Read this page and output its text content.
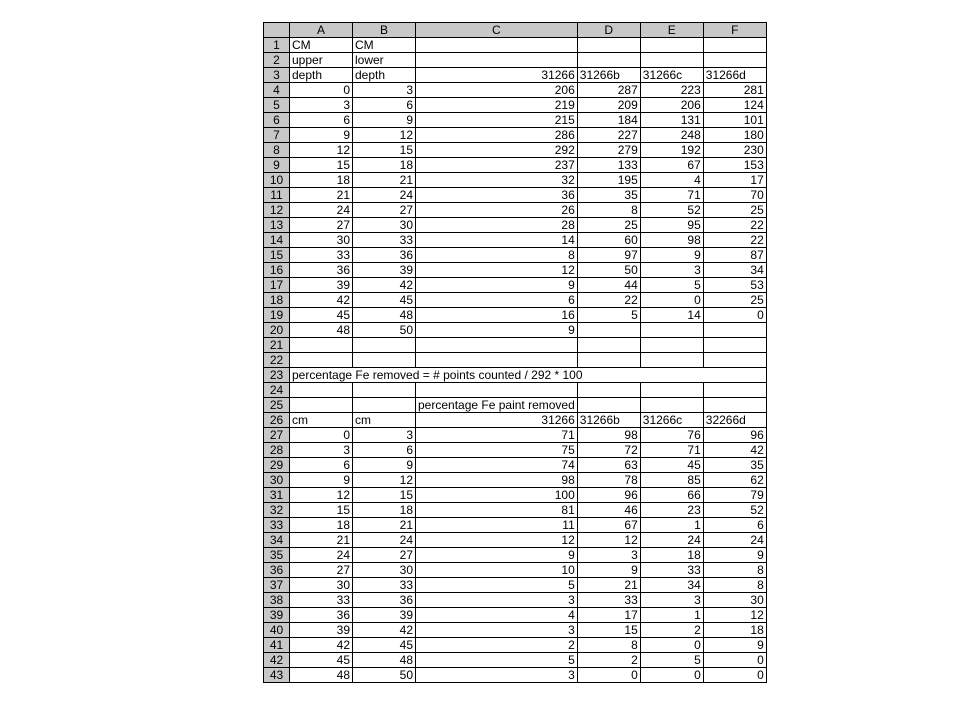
	A	B	C	D	E	F
1	CM	CM				
2	upper	lower				
3	depth	depth	31266	31266b	31266c	31266d
4	0	3	206	287	223	281
5	3	6	219	209	206	124
6	6	9	215	184	131	101
7	9	12	286	227	248	180
8	12	15	292	279	192	230
9	15	18	237	133	67	153
10	18	21	32	195	4	17
11	21	24	36	35	71	70
12	24	27	26	8	52	25
13	27	30	28	25	95	22
14	30	33	14	60	98	22
15	33	36	8	97	9	87
16	36	39	12	50	3	34
17	39	42	9	44	5	53
18	42	45	6	22	0	25
19	45	48	16	5	14	0
20	48	50	9			
21						
22						
23	percentage Fe removed = # points counted / 292 * 100					
24						
25			percentage Fe paint removed			
26	cm	cm	31266	31266b	31266c	32266d
27	0	3	71	98	76	96
28	3	6	75	72	71	42
29	6	9	74	63	45	35
30	9	12	98	78	85	62
31	12	15	100	96	66	79
32	15	18	81	46	23	52
33	18	21	11	67	1	6
34	21	24	12	12	24	24
35	24	27	9	3	18	9
36	27	30	10	9	33	8
37	30	33	5	21	34	8
38	33	36	3	33	3	30
39	36	39	4	17	1	12
40	39	42	3	15	2	18
41	42	45	2	8	0	9
42	45	48	5	2	5	0
43	48	50	3	0	0	0
